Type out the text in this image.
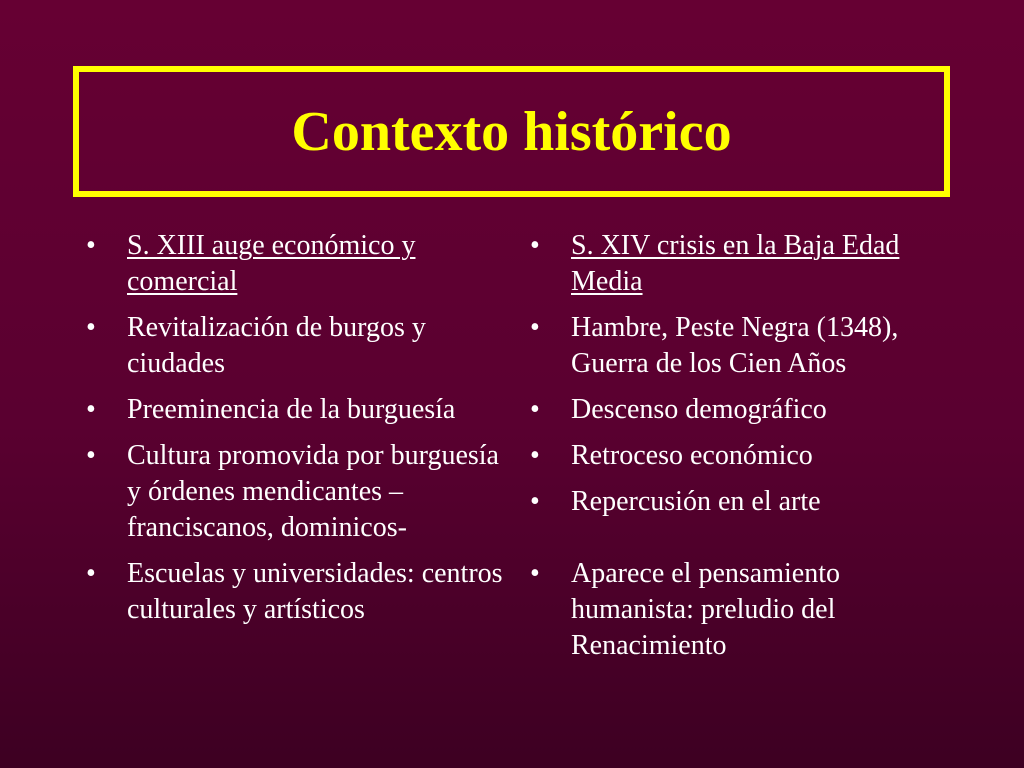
Contexto histórico
•	S. XIII auge económico y comercial
•	Revitalización de burgos y ciudades
•	Preeminencia de la burguesía
•	Cultura promovida por burguesía y órdenes mendicantes – franciscanos, dominicos-
•	Escuelas y universidades: centros culturales y artísticos
•	S. XIV crisis en la Baja Edad Media
•	Hambre, Peste Negra (1348), Guerra de los Cien Años
•	Descenso demográfico
•	Retroceso económico
•	Repercusión en el arte
•	Aparece el pensamiento humanista: preludio del Renacimiento
